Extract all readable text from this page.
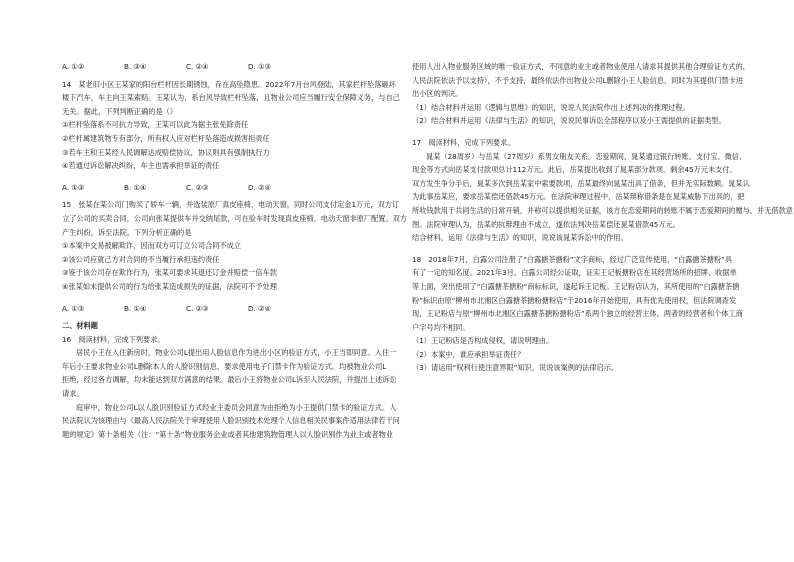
A. ①②	B. ③④	C. ②④	D. ①③
14　某老旧小区王某家的阳台栏杆因长期锈蚀，存在高坠隐患。2022年7月台风登陆，其家栏杆坠落砸坏
楼下汽车，车主向王某索赔。王某认为，系台风导致栏杆坠落，且物业公司应当履行安全保障义务，与自己
无关。据此，下列判断正确的是（）
①栏杆坠落系不可抗力导致，王某可以此为据主张免除责任
②栏杆属建筑物专有部分，所有权人应对栏杆坠落造成损害担责任
③若车主和王某经人民调解达成赔偿协议，协议则具有强制执行力
④若通过诉讼解决纠纷，车主也需承担举证的责任
A. ①③	B. ①④	C. ②③	D. ②④
15　张某在某公司门购买了轿车一辆，并选装原厂真皮座椅、电动天窗，同时公司支付定金1万元，双方订
立了公司的买卖合同，公司向张某提供车并交纳尾款，可在验车时发现真皮座椅、电动天窗非原厂配置。双方
产生纠纷，诉至法院。下列分析正确的是
①本案中交易被解欺诈，因而双方可订立公司合同不成立
②该公司应就己方对合同的不当履行承担违约责任
③鉴于该公司存在欺诈行为，张某可要求其退还订金并赔偿一倍车款
④张某如未提供公司的行为给张某造成损失的证据，法院可不予处理
A. ①③	B. ①④	C. ②③	D. ②④
二、材料题
16　阅读材料，完成下列要求。
居民小王在入住新房时，物业公司L提出用人脸信息作为进出小区的验证方式，小王当即同意。入住一
年后小王要求物业公司L删除本人的人脸识别信息，要求使用电子门禁卡作为验证方式。均被物业公司L
拒绝，经过各方调解，均未能达到双方满意的结果。最后小王将物业公司L诉至人民法院，并提出上述诉讼
请求。
庭审中，物业公司L以人脸识别验证方式经业主委员会同意为由拒绝为小王提供门禁卡的验证方式。人
民法院认为该理由与《最高人民法院关于审理使用人脸识别技术处理个人信息相关民事案件适用法律若干问
题的规定》第十条相关（注：“第十条”物业服务企业或者其他建筑物管理人以人脸识别作为业主或者物业
使用人出入物业服务区域的唯一验证方式，不同意的业主或者物业使用人请求其提供其他合理验证方式的，
人民法院依法予以支持），不予支持，最终依法作出物业公司L删除小王人脸信息，同时为其提供门禁卡进
出小区的判决。
（1）结合材料并运用《逻辑与思维》的知识，说说人民法院作出上述判决的推理过程。
（2）结合材料并运用《法律与生活》的知识，说说民事诉讼全部程序以及小王需提供的证据类型。
17　阅读材料，完成下列要求。
晁某（28周岁）与岳某（27周岁）系男女朋友关系。恋爱期间，晁某通过银行转账、支付宝、微信、
现金等方式向岳某支付款项总计112万元。此后，岳某提出收到了晁某部分款项，剩余45万元未支付。
双方发生争分手后，晁某多次到岳某家中索要款项，岳某最终向晁某出具了借条，但并无实际数额。晁某认
为此事岳某应，要求岳某偿还借款45万元。在法院审理过程中，岳某辩称借条是在晁某威胁下出具的，把
所收钱款用于共同生活的日常开销，并称可以提供相关证据，该方在恋爱期间的转账不属于恋爱期间的赠与，并无借款意
图。法院审理认为，岳某的抗辩理由不成立，遂依法判决岳某偿还晁某借款45万元。
结合材料，运用《法律与生活》的知识，说说该晁某诉讼中的作用。
18　2018年7月，白露公司注册了“白露搪茶搪粉”文字商标，经过广泛宣传使用，“白露搪茶搪粉”具
有了一定的知名度。2021年3月，白露公司经公证取，证实王记板搪粉店在其经营场所的招牌、收据单
等上面，突出使用了“白露搪茶搪粉”商标标识，遂起诉王记板。王记粉店认为，其所使用的“白露搪茶搪
粉”标识由原“柳州市北湘区白露搪茶搪粉搪粉店”于2016年开始使用，具有优先使用权，但法院调查发
现，王记粉店与原“柳州市北湘区白露搪茶搪粉搪粉店”系两个独立的经营主体，两者的经营者和个体工商
户字号均不相同。
（1）王记粉店是否构成侵权，请说明理由。
（2）本案中，谁应承担举证责任？
（3）请运用“权利行使注意界限”知识，说说该案例的法律启示。
